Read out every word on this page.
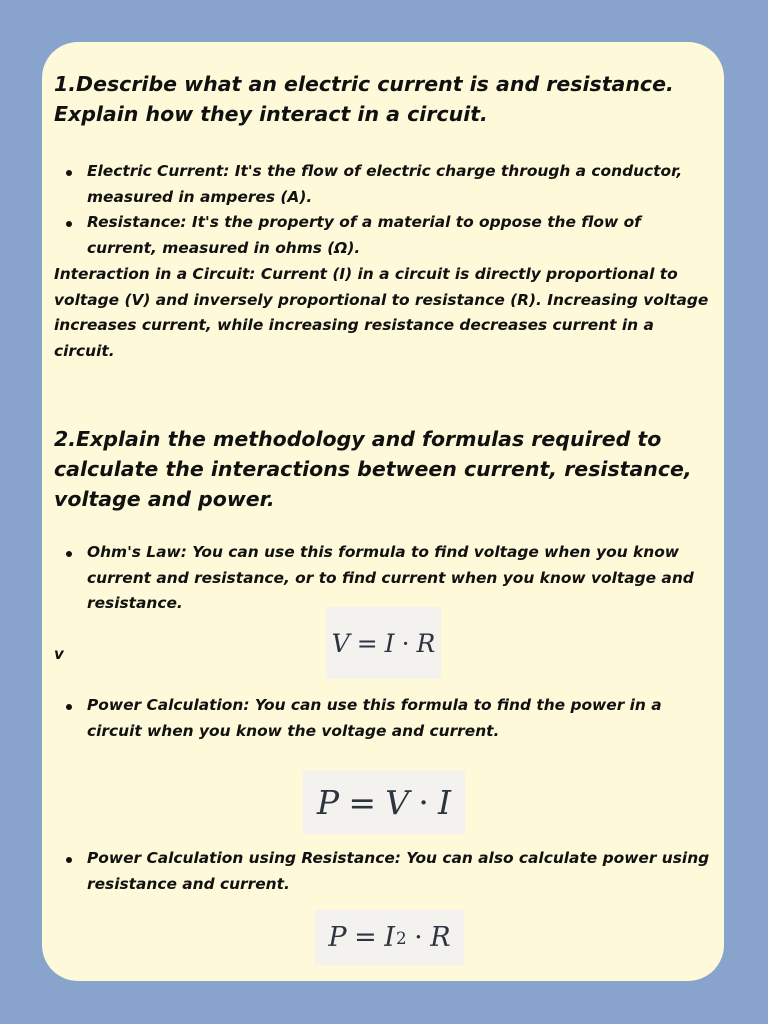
1.Describe what an electric current is and resistance. Explain how they interact in a circuit.
Electric Current: It's the flow of electric charge through a conductor, measured in amperes (A).
Resistance: It's the property of a material to oppose the flow of current, measured in ohms (Ω).

Interaction in a Circuit: Current (I) in a circuit is directly proportional to voltage (V) and inversely proportional to resistance (R). Increasing voltage increases current, while increasing resistance decreases current in a circuit.

2.Explain the methodology and formulas required to calculate the interactions between current, resistance, voltage and power.
Ohm's Law: You can use this formula to find voltage when you know current and resistance, or to find current when you know voltage and resistance.
v	V = I · R
Power Calculation: You can use this formula to find the power in a circuit when you know the voltage and current.
P = V · I
Power Calculation using Resistance: You can also calculate power using resistance and current.
P = I 2 · R
